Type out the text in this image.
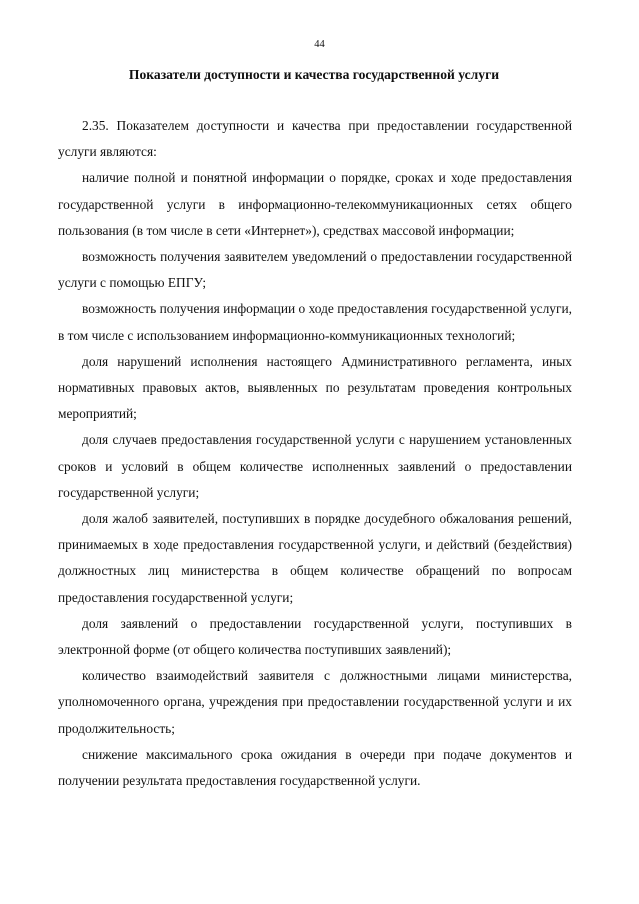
44
Показатели доступности и качества государственной услуги

2.35. Показателем доступности и качества при предоставлении государственной услуги являются:

наличие полной и понятной информации о порядке, сроках и ходе предоставления государственной услуги в информационно-телекоммуникационных сетях общего пользования (в том числе в сети «Интернет»), средствах массовой информации;

возможность получения заявителем уведомлений о предоставлении государственной услуги с помощью ЕПГУ;

возможность получения информации о ходе предоставления государственной услуги, в том числе с использованием информационно-коммуникационных технологий;

доля нарушений исполнения настоящего Административного регламента, иных нормативных правовых актов, выявленных по результатам проведения контрольных мероприятий;

доля случаев предоставления государственной услуги с нарушением установленных сроков и условий в общем количестве исполненных заявлений о предоставлении государственной услуги;

доля жалоб заявителей, поступивших в порядке досудебного обжалования решений, принимаемых в ходе предоставления государственной услуги, и действий (бездействия) должностных лиц министерства в общем количестве обращений по вопросам предоставления государственной услуги;

доля заявлений о предоставлении государственной услуги, поступивших в электронной форме (от общего количества поступивших заявлений);

количество взаимодействий заявителя с должностными лицами министерства, уполномоченного органа, учреждения при предоставлении государственной услуги и их продолжительность;

снижение максимального срока ожидания в очереди при подаче документов и получении результата предоставления государственной услуги.
